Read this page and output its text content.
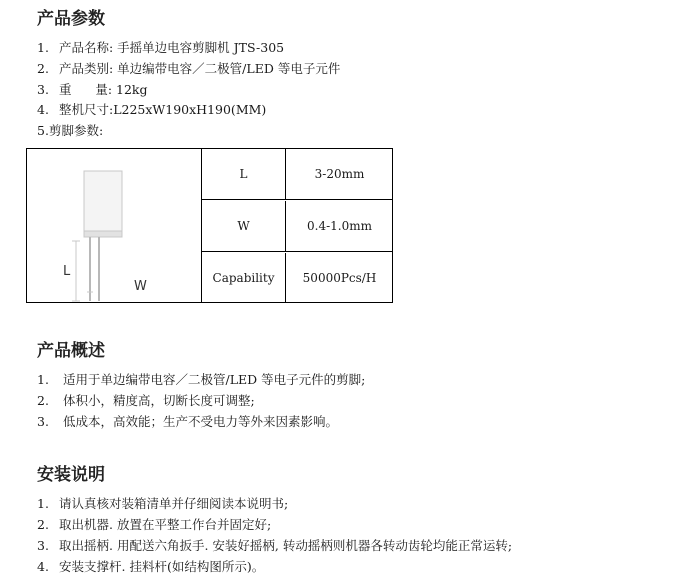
产品参数

1. 产品名称: 手摇单边电容剪脚机 JTS-305

2. 产品类别: 单边编带电容／二极管/LED 等电子元件

3. 重      量: 12kg

4. 整机尺寸:L225xW190xH190(MM)

5.剪脚参数:

L
W
L	3-20mm
W	0.4-1.0mm
Capability	50000Pcs/H
产品概述

1. 适用于单边编带电容／二极管/LED 等电子元件的剪脚;

2. 体积小，精度高，切断长度可调整;

3. 低成本，高效能；生产不受电力等外来因素影响。

安装说明

1. 请认真核对装箱清单并仔细阅读本说明书;

2. 取出机器. 放置在平整工作台并固定好;

3. 取出摇柄. 用配送六角扳手. 安装好摇柄, 转动摇柄则机器各转动齿轮均能正常运转;

4. 安装支撑杆. 挂料杆(如结构图所示)。
